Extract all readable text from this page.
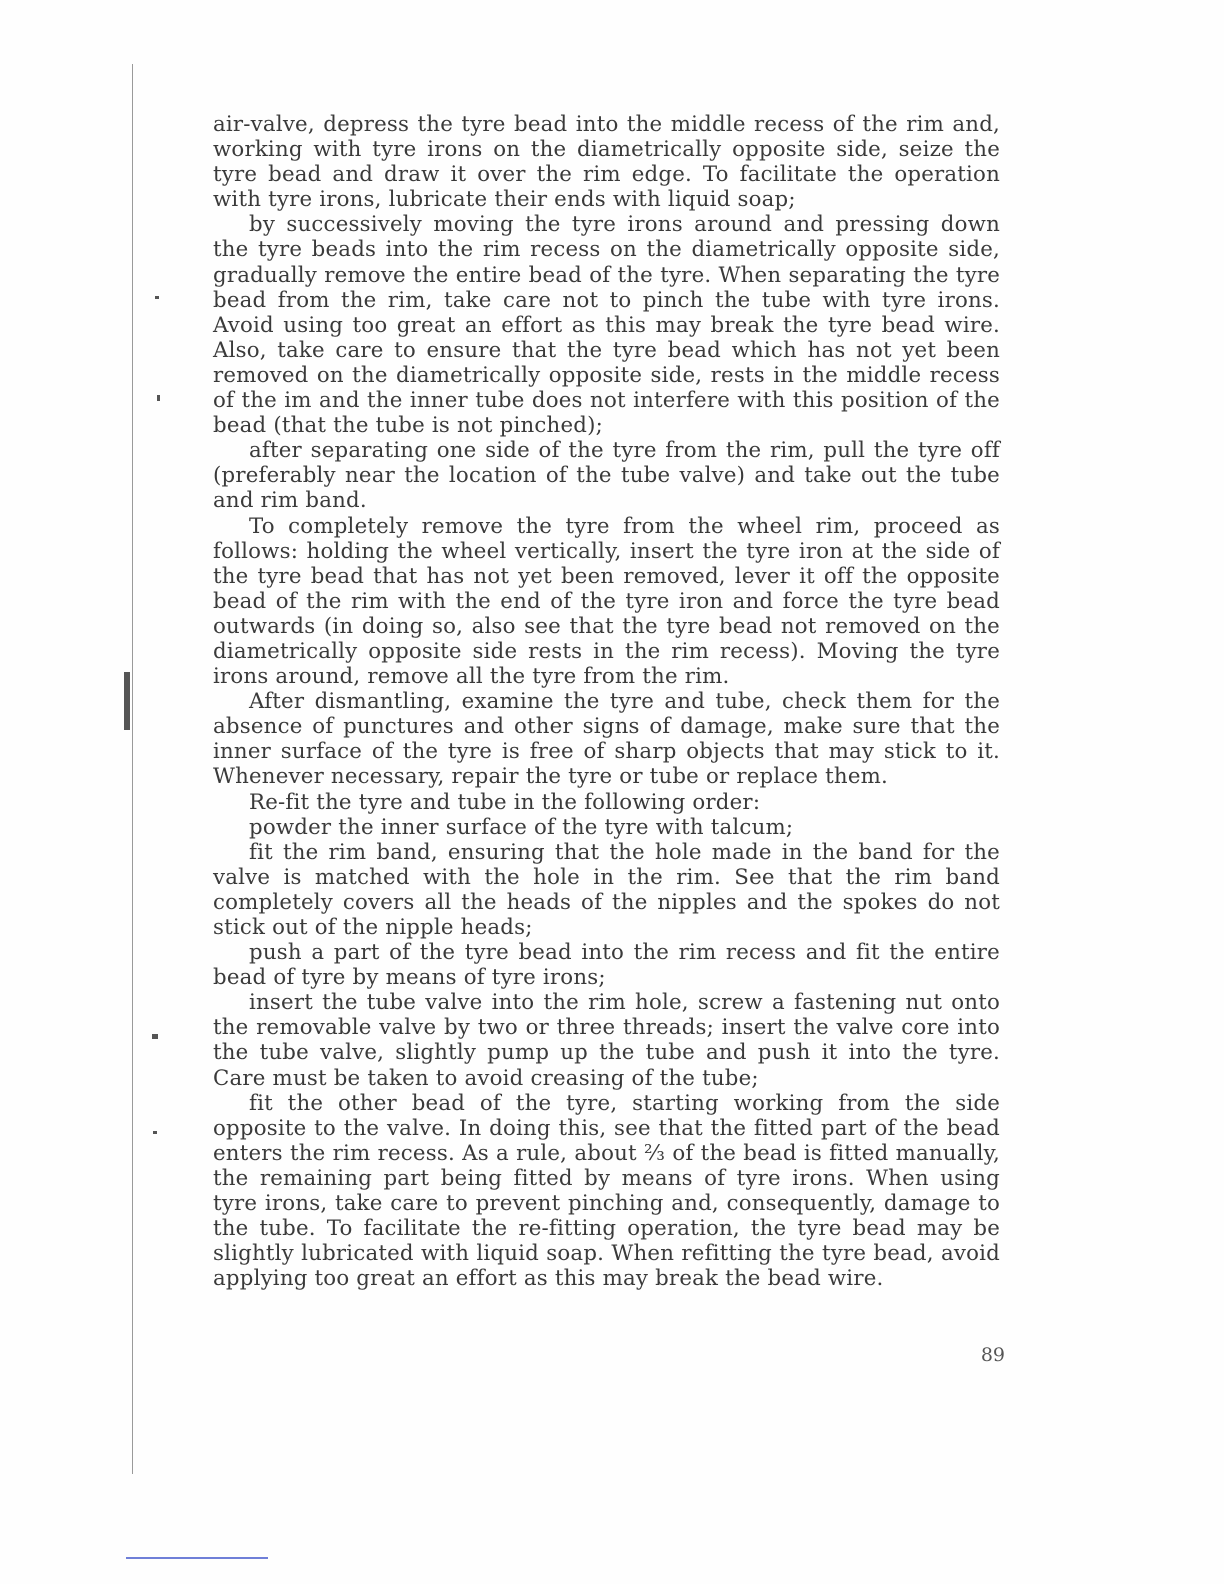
air-valve, depress the tyre bead into the middle recess of the rim and, working with tyre irons on the diametrically opposite side, seize the tyre bead and draw it over the rim edge. To facilitate the operation with tyre irons, lubricate their ends with liquid soap;

by successively moving the tyre irons around and pressing down the tyre beads into the rim recess on the diametrically opposite side, gradually remove the entire bead of the tyre. When separating the tyre bead from the rim, take care not to pinch the tube with tyre irons. Avoid using too great an effort as this may break the tyre bead wire. Also, take care to ensure that the tyre bead which has not yet been removed on the diametrically opposite side, rests in the middle recess of the im and the inner tube does not interfere with this position of the bead (that the tube is not pinched);

after separating one side of the tyre from the rim, pull the tyre off (preferably near the location of the tube valve) and take out the tube and rim band.

To completely remove the tyre from the wheel rim, proceed as follows: holding the wheel vertically, insert the tyre iron at the side of the tyre bead that has not yet been removed, lever it off the opposite bead of the rim with the end of the tyre iron and force the tyre bead outwards (in doing so, also see that the tyre bead not removed on the diametrically opposite side rests in the rim recess). Moving the tyre irons around, remove all the tyre from the rim.

After dismantling, examine the tyre and tube, check them for the absence of punctures and other signs of damage, make sure that the inner surface of the tyre is free of sharp objects that may stick to it. Whenever necessary, repair the tyre or tube or replace them.

Re-fit the tyre and tube in the following order:

powder the inner surface of the tyre with talcum;

fit the rim band, ensuring that the hole made in the band for the valve is matched with the hole in the rim. See that the rim band completely covers all the heads of the nipples and the spokes do not stick out of the nipple heads;

push a part of the tyre bead into the rim recess and fit the entire bead of tyre by means of tyre irons;

insert the tube valve into the rim hole, screw a fastening nut onto the removable valve by two or three threads; insert the valve core into the tube valve, slightly pump up the tube and push it into the tyre. Care must be taken to avoid creasing of the tube;

fit the other bead of the tyre, starting working from the side opposite to the valve. In doing this, see that the fitted part of the bead enters the rim recess. As a rule, about ²⁄₃ of the bead is fitted manually, the remaining part being fitted by means of tyre irons. When using tyre irons, take care to prevent pinching and, consequently, damage to the tube. To facilitate the re-fitting operation, the tyre bead may be slightly lubricated with liquid soap. When refitting the tyre bead, avoid applying too great an effort as this may break the bead wire.

89
